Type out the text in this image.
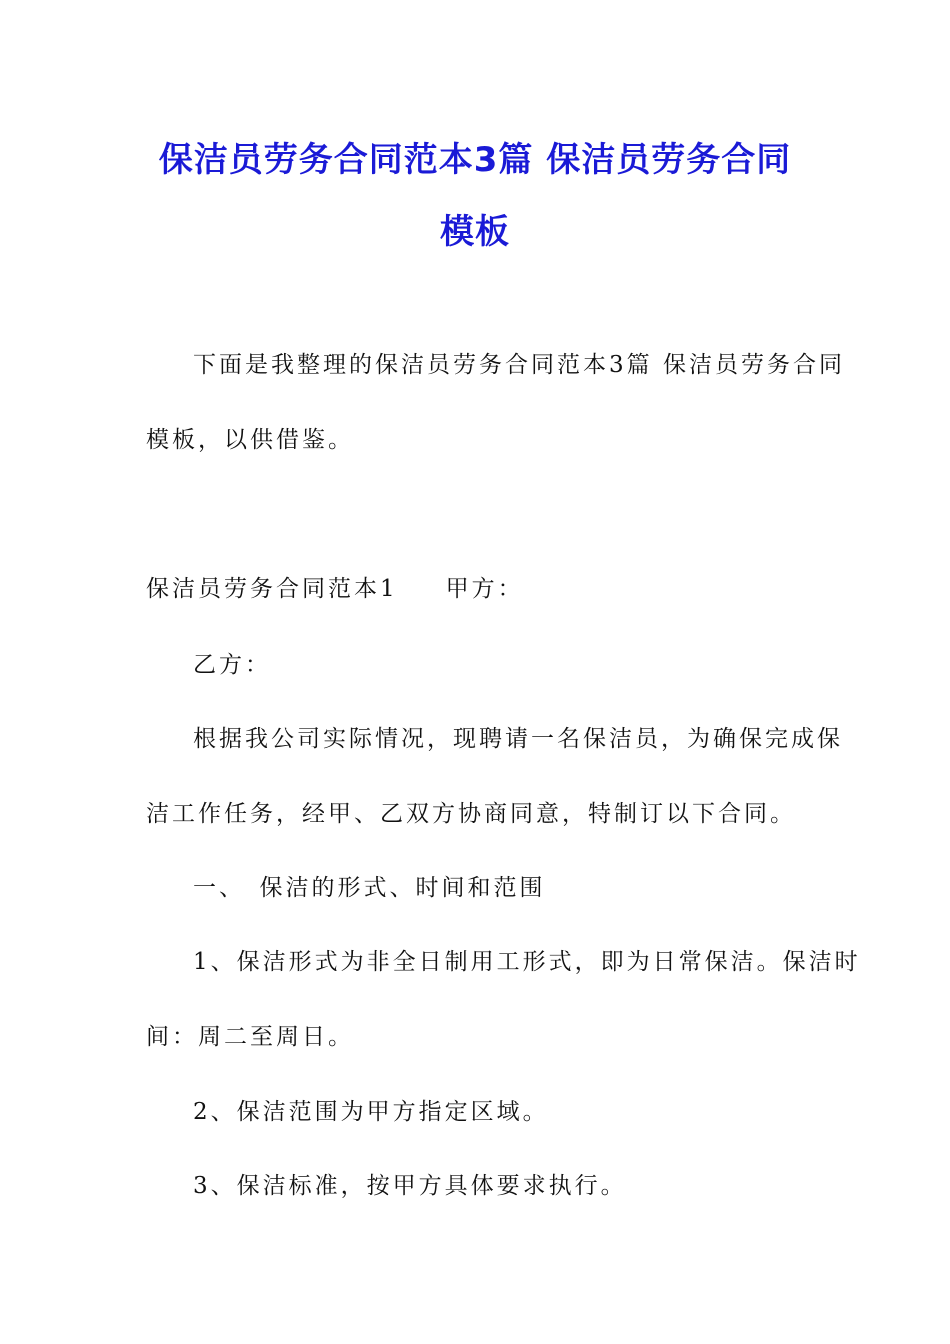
保洁员劳务合同范本3篇 保洁员劳务合同
模板
下面是我整理的保洁员劳务合同范本3篇 保洁员劳务合同
模板，以供借鉴。
保洁员劳务合同范本1 甲方：
乙方：
根据我公司实际情况，现聘请一名保洁员，为确保完成保
洁工作任务，经甲、乙双方协商同意，特制订以下合同。
一、　保洁的形式、时间和范围
1、保洁形式为非全日制用工形式，即为日常保洁。保洁时
间：周二至周日。
2、保洁范围为甲方指定区域。
3、保洁标准，按甲方具体要求执行。
